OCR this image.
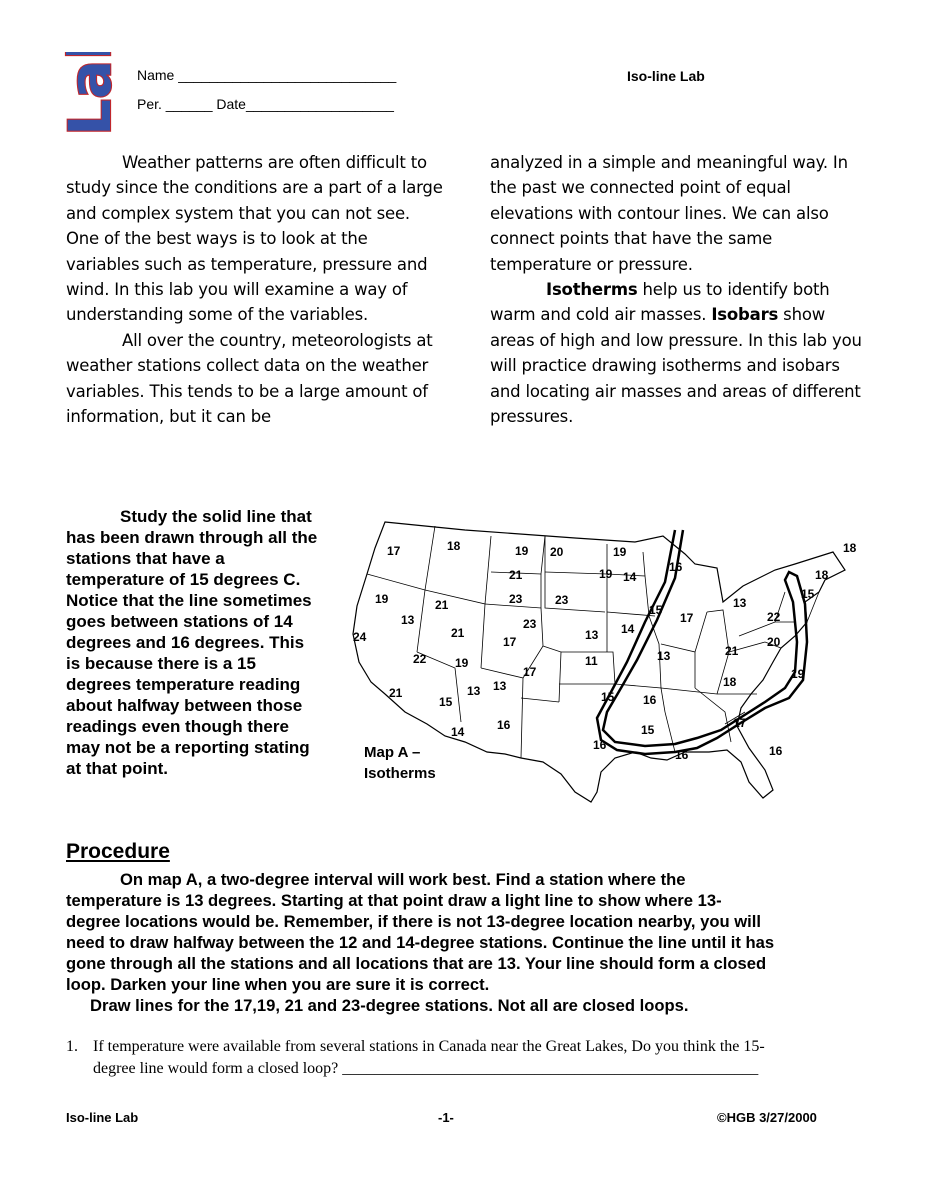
Lab Name ____________________________
Per. ______ Date___________________
Iso-line Lab

Weather patterns are often difficult to study since the conditions are a part of a large and complex system that you can not see. One of the best ways is to look at the variables such as temperature, pressure and wind. In this lab you will examine a way of understanding some of the variables.

All over the country, meteorologists at weather stations collect data on the weather variables. This tends to be a large amount of information, but it can be

analyzed in a simple and meaningful way. In the past we connected point of equal elevations with contour lines. We can also connect points that have the same temperature or pressure.

Isotherms help us to identify both warm and cold air masses. Isobars show areas of high and low pressure. In this lab you will practice drawing isotherms and isobars and locating air masses and areas of different pressures.

Study the solid line that has been drawn through all the stations that have a temperature of 15 degrees C. Notice that the line sometimes goes between stations of 14 degrees and 16 degrees. This is because there is a 15 degrees temperature reading about halfway between those readings even though there may not be a reporting stating at that point.
17	18	19 20	19	18
21	19 14
16
18
19	21	23	23	15
13
13
15
17	22
23
24	21
17
14
13	20
21
22 19	13
11
17
18
19
21
15
13 13
15 16
17
14	16	15
16
16	16
Map A –
Isotherms
Procedure

On map A, a two-degree interval will work best. Find a station where the

temperature is 13 degrees. Starting at that point draw a light line to show where 13-

degree locations would be. Remember, if there is not 13-degree location nearby, you will

need to draw halfway between the 12 and 14-degree stations. Continue the line until it has

gone through all the stations and all locations that are 13. Your line should form a closed

loop. Darken your line when you are sure it is correct.

Draw lines for the 17,19, 21 and 23-degree stations. Not all are closed loops.

1. If temperature were available from several stations in Canada near the Great Lakes, Do you think the 15-
degree line would form a closed loop? ____________________________________________________
Iso-line Lab	-1-	©HGB 3/27/2000
